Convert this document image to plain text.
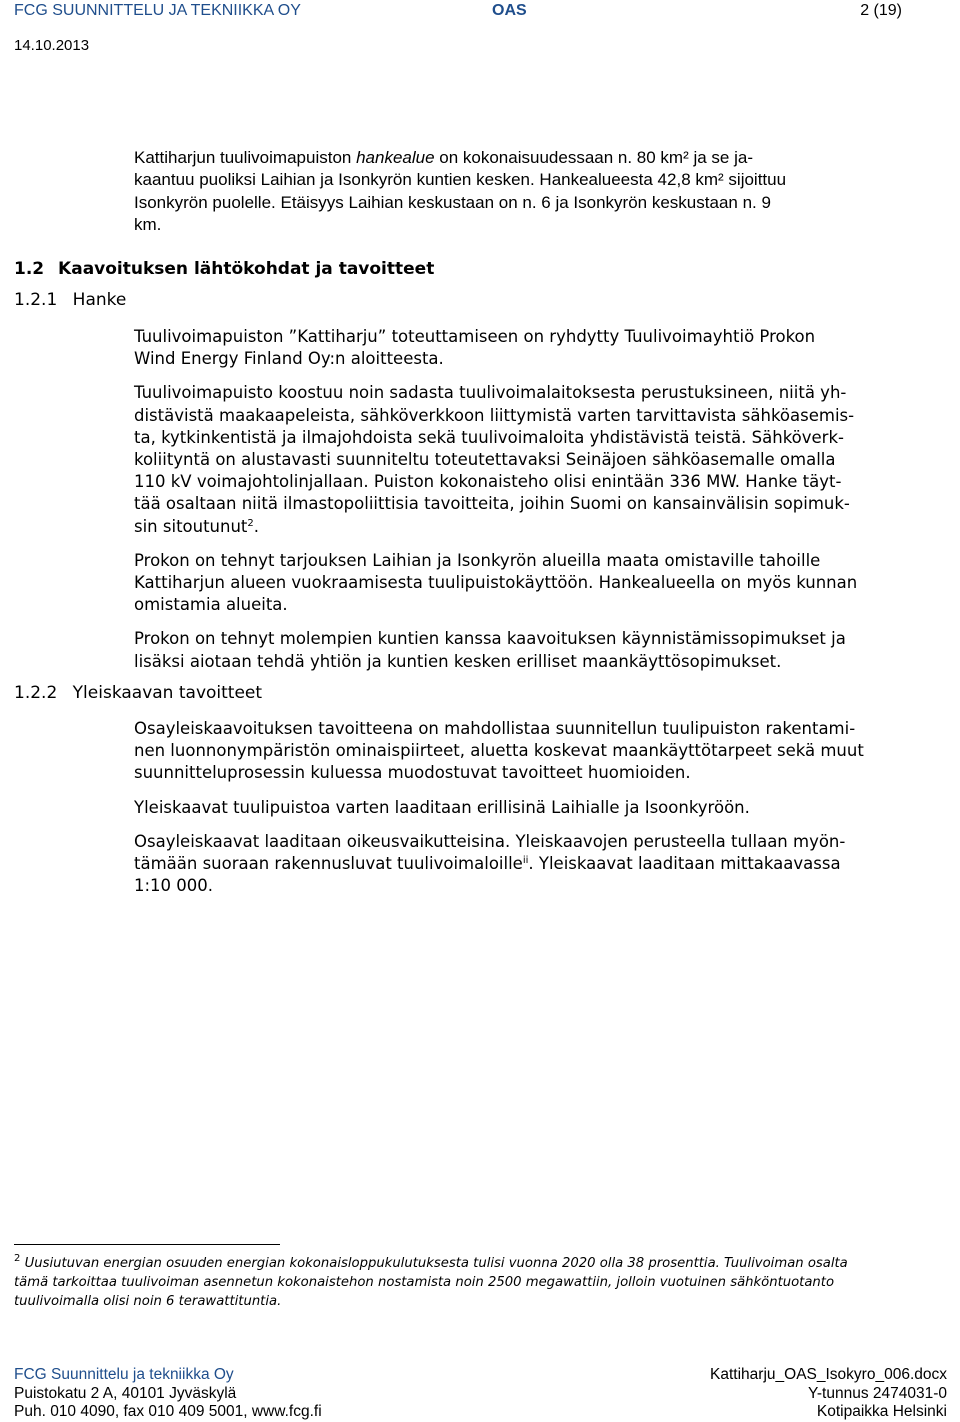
FCG SUUNNITTELU JA TEKNIIKKA OY	OAS	2 (19)
14.10.2013
Kattiharjun tuulivoimapuiston hankealue on kokonaisuudessaan n. 80 km² ja se ja-
kaantuu puoliksi Laihian ja Isonkyrön kuntien kesken. Hankealueesta 42,8 km² sijoittuu
Isonkyrön puolelle. Etäisyys Laihian keskustaan on n. 6 ja Isonkyrön keskustaan n. 9
km.
1.2 Kaavoituksen lähtökohdat ja tavoitteet
1.2.1 Hanke
Tuulivoimapuiston ”Kattiharju” toteuttamiseen on ryhdytty Tuulivoimayhtiö Prokon
Wind Energy Finland Oy:n aloitteesta.
Tuulivoimapuisto koostuu noin sadasta tuulivoimalaitoksesta perustuksineen, niitä yh-
distävistä maakaapeleista, sähköverkkoon liittymistä varten tarvittavista sähköasemis-
ta, kytkinkentistä ja ilmajohdoista sekä tuulivoimaloita yhdistävistä teistä. Sähköverk-
koliityntä on alustavasti suunniteltu toteutettavaksi Seinäjoen sähköasemalle omalla
110 kV voimajohtolinjallaan. Puiston kokonaisteho olisi enintään 336 MW. Hanke täyt-
tää osaltaan niitä ilmastopoliittisia tavoitteita, joihin Suomi on kansainvälisin sopimuk-
sin sitoutunut$^2$.
Prokon on tehnyt tarjouksen Laihian ja Isonkyrön alueilla maata omistaville tahoille
Kattiharjun alueen vuokraamisesta tuulipuistokäyttöön. Hankealueella on myös kunnan
omistamia alueita.
Prokon on tehnyt molempien kuntien kanssa kaavoituksen käynnistämissopimukset ja
lisäksi aiotaan tehdä yhtiön ja kuntien kesken erilliset maankäyttösopimukset.
1.2.2 Yleiskaavan tavoitteet
Osayleiskaavoituksen tavoitteena on mahdollistaa suunnitellun tuulipuiston rakentami-
nen luonnonympäristön ominaispiirteet, aluetta koskevat maankäyttötarpeet sekä muut
suunnitteluprosessin kuluessa muodostuvat tavoitteet huomioiden.
Yleiskaavat tuulipuistoa varten laaditaan erillisinä Laihialle ja Isoonkyröön.
Osayleiskaavat laaditaan oikeusvaikutteisina. Yleiskaavojen perusteella tullaan myön-
tämään suoraan rakennusluvat tuulivoimaloille$^{ii}$. Yleiskaavat laaditaan mittakaavassa
1:10 000.
$^2$ Uusiutuvan energian osuuden energian kokonaisloppukulutuksesta tulisi vuonna 2020 olla 38 prosenttia. Tuulivoiman osalta
tämä tarkoittaa tuulivoiman asennetun kokonaistehon nostamista noin 2500 megawattiin, jolloin vuotuinen sähköntuotanto
tuulivoimalla olisi noin 6 terawattituntia.
FCG Suunnittelu ja tekniikka Oy
Puistokatu 2 A, 40101 Jyväskylä
Puh. 010 4090, fax 010 409 5001, www.fcg.fi
Kattiharju_OAS_Isokyro_006.docx
Y-tunnus 2474031-0
Kotipaikka Helsinki
